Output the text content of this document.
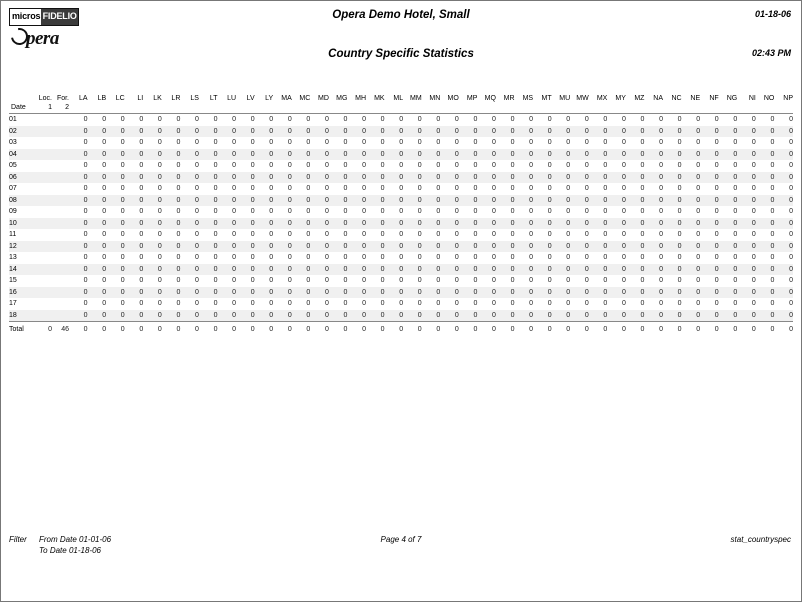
micros FIDELIO
pera
Opera Demo Hotel, Small
Country Specific Statistics
01-18-06
02:43 PM
	Loc.	For.	LA	LB	LC	LI	LK	LR	LS	LT	LU	LV	LY	MA	MC	MD	MG	MH	MK	ML	MM	MN	MO	MP	MQ	MR	MS	MT	MU	MW	MX	MY	MZ	NA	NC	NE	NF	NG	NI	NO	NP
Date	1	2																																							
01			0	0	0	0	0	0	0	0	0	0	0	0	0	0	0	0	0	0	0	0	0	0	0	0	0	0	0	0	0	0	0	0	0	0	0	0	0	0	0
02			0	0	0	0	0	0	0	0	0	0	0	0	0	0	0	0	0	0	0	0	0	0	0	0	0	0	0	0	0	0	0	0	0	0	0	0	0	0	0
03			0	0	0	0	0	0	0	0	0	0	0	0	0	0	0	0	0	0	0	0	0	0	0	0	0	0	0	0	0	0	0	0	0	0	0	0	0	0	0
04			0	0	0	0	0	0	0	0	0	0	0	0	0	0	0	0	0	0	0	0	0	0	0	0	0	0	0	0	0	0	0	0	0	0	0	0	0	0	0
05			0	0	0	0	0	0	0	0	0	0	0	0	0	0	0	0	0	0	0	0	0	0	0	0	0	0	0	0	0	0	0	0	0	0	0	0	0	0	0
06			0	0	0	0	0	0	0	0	0	0	0	0	0	0	0	0	0	0	0	0	0	0	0	0	0	0	0	0	0	0	0	0	0	0	0	0	0	0	0
07			0	0	0	0	0	0	0	0	0	0	0	0	0	0	0	0	0	0	0	0	0	0	0	0	0	0	0	0	0	0	0	0	0	0	0	0	0	0	0
08			0	0	0	0	0	0	0	0	0	0	0	0	0	0	0	0	0	0	0	0	0	0	0	0	0	0	0	0	0	0	0	0	0	0	0	0	0	0	0
09			0	0	0	0	0	0	0	0	0	0	0	0	0	0	0	0	0	0	0	0	0	0	0	0	0	0	0	0	0	0	0	0	0	0	0	0	0	0	0
10			0	0	0	0	0	0	0	0	0	0	0	0	0	0	0	0	0	0	0	0	0	0	0	0	0	0	0	0	0	0	0	0	0	0	0	0	0	0	0
11			0	0	0	0	0	0	0	0	0	0	0	0	0	0	0	0	0	0	0	0	0	0	0	0	0	0	0	0	0	0	0	0	0	0	0	0	0	0	0
12			0	0	0	0	0	0	0	0	0	0	0	0	0	0	0	0	0	0	0	0	0	0	0	0	0	0	0	0	0	0	0	0	0	0	0	0	0	0	0
13			0	0	0	0	0	0	0	0	0	0	0	0	0	0	0	0	0	0	0	0	0	0	0	0	0	0	0	0	0	0	0	0	0	0	0	0	0	0	0
14			0	0	0	0	0	0	0	0	0	0	0	0	0	0	0	0	0	0	0	0	0	0	0	0	0	0	0	0	0	0	0	0	0	0	0	0	0	0	0
15			0	0	0	0	0	0	0	0	0	0	0	0	0	0	0	0	0	0	0	0	0	0	0	0	0	0	0	0	0	0	0	0	0	0	0	0	0	0	0
16			0	0	0	0	0	0	0	0	0	0	0	0	0	0	0	0	0	0	0	0	0	0	0	0	0	0	0	0	0	0	0	0	0	0	0	0	0	0	0
17			0	0	0	0	0	0	0	0	0	0	0	0	0	0	0	0	0	0	0	0	0	0	0	0	0	0	0	0	0	0	0	0	0	0	0	0	0	0	0
18			0	0	0	0	0	0	0	0	0	0	0	0	0	0	0	0	0	0	0	0	0	0	0	0	0	0	0	0	0	0	0	0	0	0	0	0	0	0	0
Total	0	46	0	0	0	0	0	0	0	0	0	0	0	0	0	0	0	0	0	0	0	0	0	0	0	0	0	0	0	0	0	0	0	0	0	0	0	0	0	0	0
Filter From Date 01-01-06
To Date 01-18-06
Page 4 of 7	stat_countryspec
